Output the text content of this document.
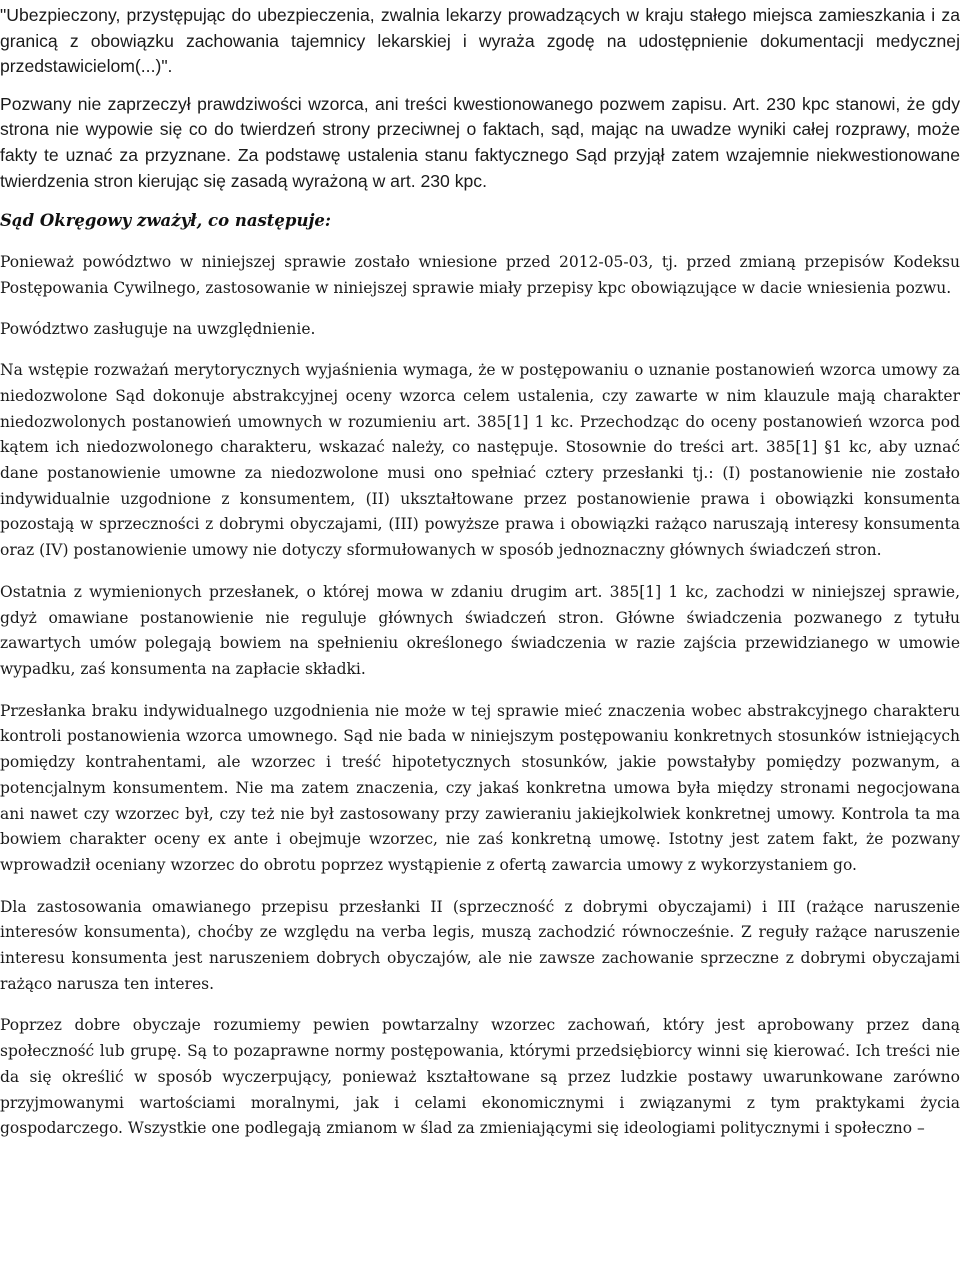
"Ubezpieczony, przystępując do ubezpieczenia, zwalnia lekarzy prowadzących w kraju stałego miejsca zamieszkania i za granicą z obowiązku zachowania tajemnicy lekarskiej i wyraża zgodę na udostępnienie dokumentacji medycznej przedstawicielom(...)".

Pozwany nie zaprzeczył prawdziwości wzorca, ani treści kwestionowanego pozwem zapisu. Art. 230 kpc stanowi, że gdy strona nie wypowie się co do twierdzeń strony przeciwnej o faktach, sąd, mając na uwadze wyniki całej rozprawy, może fakty te uznać za przyznane. Za podstawę ustalenia stanu faktycznego Sąd przyjął zatem wzajemnie niekwestionowane twierdzenia stron kierując się zasadą wyrażoną w art. 230 kpc.

Sąd Okręgowy zważył, co następuje:

Ponieważ powództwo w niniejszej sprawie zostało wniesione przed 2012-05-03, tj. przed zmianą przepisów Kodeksu Postępowania Cywilnego, zastosowanie w niniejszej sprawie miały przepisy kpc obowiązujące w dacie wniesienia pozwu.

Powództwo zasługuje na uwzględnienie.

Na wstępie rozważań merytorycznych wyjaśnienia wymaga, że w postępowaniu o uznanie postanowień wzorca umowy za niedozwolone Sąd dokonuje abstrakcyjnej oceny wzorca celem ustalenia, czy zawarte w nim klauzule mają charakter niedozwolonych postanowień umownych w rozumieniu art. 385[1] 1 kc. Przechodząc do oceny postanowień wzorca pod kątem ich niedozwolonego charakteru, wskazać należy, co następuje. Stosownie do treści art. 385[1] §1 kc, aby uznać dane postanowienie umowne za niedozwolone musi ono spełniać cztery przesłanki tj.: (I) postanowienie nie zostało indywidualnie uzgodnione z konsumentem, (II) ukształtowane przez postanowienie prawa i obowiązki konsumenta pozostają w sprzeczności z dobrymi obyczajami, (III) powyższe prawa i obowiązki rażąco naruszają interesy konsumenta oraz (IV) postanowienie umowy nie dotyczy sformułowanych w sposób jednoznaczny głównych świadczeń stron.

Ostatnia z wymienionych przesłanek, o której mowa w zdaniu drugim art. 385[1] 1 kc, zachodzi w niniejszej sprawie, gdyż omawiane postanowienie nie reguluje głównych świadczeń stron. Główne świadczenia pozwanego z tytułu zawartych umów polegają bowiem na spełnieniu określonego świadczenia w razie zajścia przewidzianego w umowie wypadku, zaś konsumenta na zapłacie składki.

Przesłanka braku indywidualnego uzgodnienia nie może w tej sprawie mieć znaczenia wobec abstrakcyjnego charakteru kontroli postanowienia wzorca umownego. Sąd nie bada w niniejszym postępowaniu konkretnych stosunków istniejących pomiędzy kontrahentami, ale wzorzec i treść hipotetycznych stosunków, jakie powstałyby pomiędzy pozwanym, a potencjalnym konsumentem. Nie ma zatem znaczenia, czy jakaś konkretna umowa była między stronami negocjowana ani nawet czy wzorzec był, czy też nie był zastosowany przy zawieraniu jakiejkolwiek konkretnej umowy. Kontrola ta ma bowiem charakter oceny ex ante i obejmuje wzorzec, nie zaś konkretną umowę. Istotny jest zatem fakt, że pozwany wprowadził oceniany wzorzec do obrotu poprzez wystąpienie z ofertą zawarcia umowy z wykorzystaniem go.

Dla zastosowania omawianego przepisu przesłanki II (sprzeczność z dobrymi obyczajami) i III (rażące naruszenie interesów konsumenta), choćby ze względu na verba legis, muszą zachodzić równocześnie. Z reguły rażące naruszenie interesu konsumenta jest naruszeniem dobrych obyczajów, ale nie zawsze zachowanie sprzeczne z dobrymi obyczajami rażąco narusza ten interes.

Poprzez dobre obyczaje rozumiemy pewien powtarzalny wzorzec zachowań, który jest aprobowany przez daną społeczność lub grupę. Są to pozaprawne normy postępowania, którymi przedsiębiorcy winni się kierować. Ich treści nie da się określić w sposób wyczerpujący, ponieważ kształtowane są przez ludzkie postawy uwarunkowane zarówno przyjmowanymi wartościami moralnymi, jak i celami ekonomicznymi i związanymi z tym praktykami życia gospodarczego. Wszystkie one podlegają zmianom w ślad za zmieniającymi się ideologiami politycznymi i społeczno –
